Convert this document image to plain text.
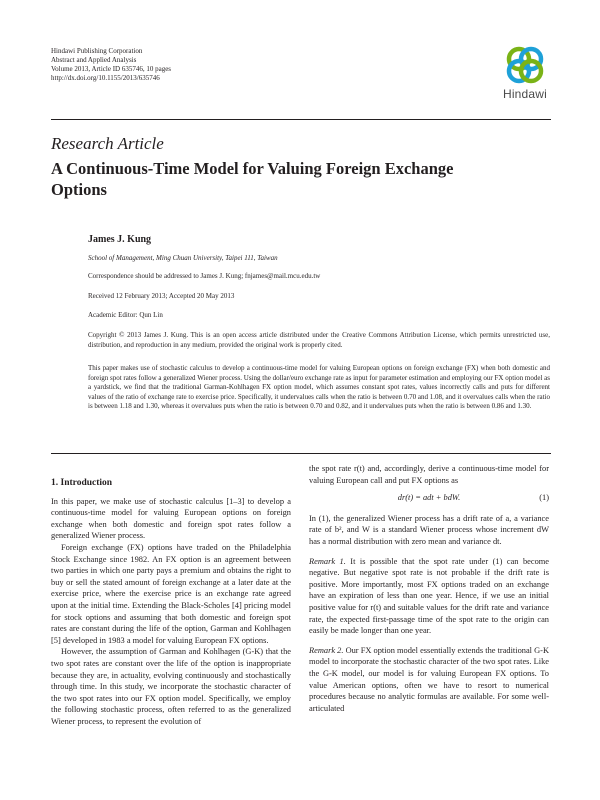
Hindawi Publishing Corporation
Abstract and Applied Analysis
Volume 2013, Article ID 635746, 10 pages
http://dx.doi.org/10.1155/2013/635746
Hindawi
Research Article
A Continuous-Time Model for Valuing Foreign Exchange Options
James J. Kung
School of Management, Ming Chuan University, Taipei 111, Taiwan
Correspondence should be addressed to James J. Kung; fnjames@mail.mcu.edu.tw
Received 12 February 2013; Accepted 20 May 2013
Academic Editor: Qun Lin
Copyright © 2013 James J. Kung. This is an open access article distributed under the Creative Commons Attribution License, which permits unrestricted use, distribution, and reproduction in any medium, provided the original work is properly cited.
This paper makes use of stochastic calculus to develop a continuous-time model for valuing European options on foreign exchange (FX) when both domestic and foreign spot rates follow a generalized Wiener process. Using the dollar/euro exchange rate as input for parameter estimation and employing our FX option model as a yardstick, we find that the traditional Garman-Kohlhagen FX option model, which assumes constant spot rates, values incorrectly calls and puts for different values of the ratio of exchange rate to exercise price. Specifically, it undervalues calls when the ratio is between 0.70 and 1.08, and it overvalues calls when the ratio is between 1.18 and 1.30, whereas it overvalues puts when the ratio is between 0.70 and 0.82, and it undervalues puts when the ratio is between 0.86 and 1.30.
1. Introduction

In this paper, we make use of stochastic calculus [1–3] to develop a continuous-time model for valuing European options on foreign exchange when both domestic and foreign spot rates follow a generalized Wiener process.

Foreign exchange (FX) options have traded on the Philadelphia Stock Exchange since 1982. An FX option is an agreement between two parties in which one party pays a premium and obtains the right to buy or sell the stated amount of foreign exchange at a later date at the exercise price, where the exercise price is an exchange rate agreed upon at the initial time. Extending the Black-Scholes [4] pricing model for stock options and assuming that both domestic and foreign spot rates are constant during the life of the option, Garman and Kohlhagen [5] developed in 1983 a model for valuing European FX options.

However, the assumption of Garman and Kohlhagen (G-K) that the two spot rates are constant over the life of the option is inappropriate because they are, in actuality, evolving continuously and stochastically through time. In this study, we incorporate the stochastic character of the two spot rates into our FX option model. Specifically, we employ the following stochastic process, often referred to as the generalized Wiener process, to represent the evolution of

the spot rate r(t) and, accordingly, derive a continuous-time model for valuing European call and put FX options as

dr(t) = adt + bdW.	(1)

In (1), the generalized Wiener process has a drift rate of a, a variance rate of b², and W is a standard Wiener process whose increment dW has a normal distribution with zero mean and variance dt.

Remark 1. It is possible that the spot rate under (1) can become negative. But negative spot rate is not probable if the drift rate is positive. More importantly, most FX options traded on an exchange have an expiration of less than one year. Hence, if we use an initial positive value for r(t) and suitable values for the drift rate and variance rate, the expected first-passage time of the spot rate to the origin can easily be made longer than one year.

Remark 2. Our FX option model essentially extends the traditional G-K model to incorporate the stochastic character of the two spot rates. Like the G-K model, our model is for valuing European FX options. To value American options, often we have to resort to numerical procedures because no analytic formulas are available. For some well-articulated
